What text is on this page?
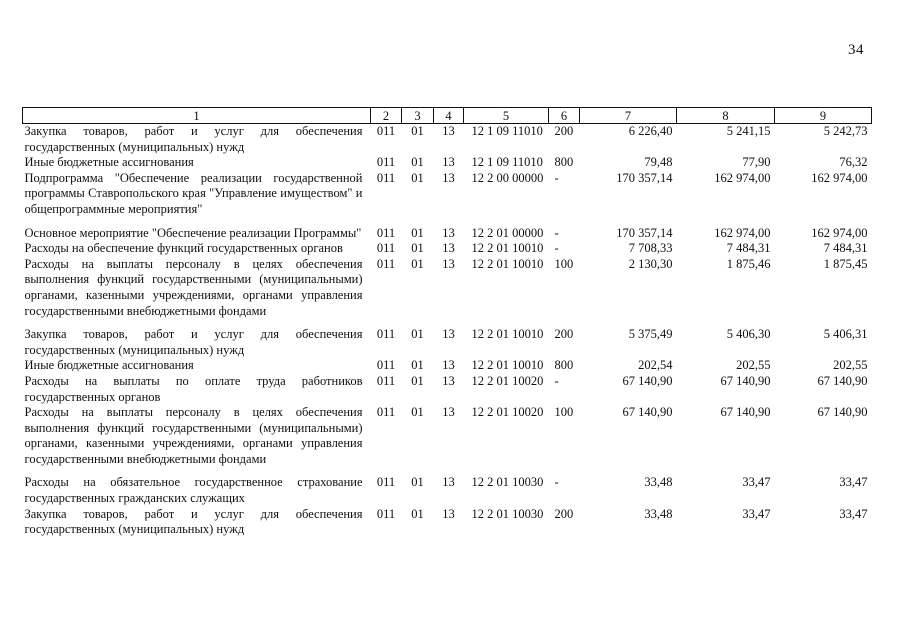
34
1	2	3	4	5	6	7	8	9
Закупка товаров, работ и услуг для обеспечения государственных (муниципальных) нужд	011	01	13	12 1 09 11010	200	6 226,40	5 241,15	5 242,73
Иные бюджетные ассигнования	011	01	13	12 1 09 11010	800	79,48	77,90	76,32
Подпрограмма "Обеспечение реализации государственной программы Ставропольского края "Управление имуществом" и общепрограммные мероприятия"	011	01	13	12 2 00 00000	-	170 357,14	162 974,00	162 974,00
Основное мероприятие "Обеспечение реализации Программы"	011	01	13	12 2 01 00000	-	170 357,14	162 974,00	162 974,00
Расходы на обеспечение функций государственных органов	011	01	13	12 2 01 10010	-	7 708,33	7 484,31	7 484,31
Расходы на выплаты персоналу в целях обеспечения выполнения функций государственными (муниципальными) органами, казенными учреждениями, органами управления государственными внебюджетными фондами	011	01	13	12 2 01 10010	100	2 130,30	1 875,46	1 875,45
Закупка товаров, работ и услуг для обеспечения государственных (муниципальных) нужд	011	01	13	12 2 01 10010	200	5 375,49	5 406,30	5 406,31
Иные бюджетные ассигнования	011	01	13	12 2 01 10010	800	202,54	202,55	202,55
Расходы на выплаты по оплате труда работников государственных органов	011	01	13	12 2 01 10020	-	67 140,90	67 140,90	67 140,90
Расходы на выплаты персоналу в целях обеспечения выполнения функций государственными (муниципальными) органами, казенными учреждениями, органами управления государственными внебюджетными фондами	011	01	13	12 2 01 10020	100	67 140,90	67 140,90	67 140,90
Расходы на обязательное государственное страхование государственных гражданских служащих	011	01	13	12 2 01 10030	-	33,48	33,47	33,47
Закупка товаров, работ и услуг для обеспечения государственных (муниципальных) нужд	011	01	13	12 2 01 10030	200	33,48	33,47	33,47
